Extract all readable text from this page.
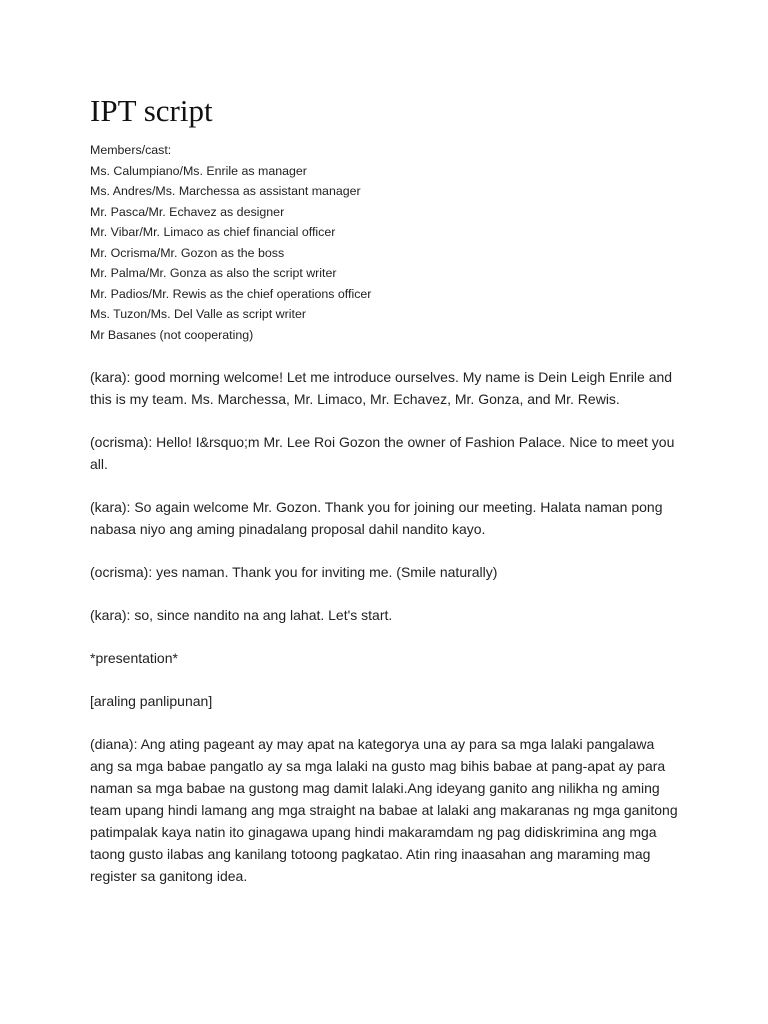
IPT script
Members/cast:
Ms. Calumpiano/Ms. Enrile as manager
Ms. Andres/Ms. Marchessa as assistant manager
Mr. Pasca/Mr. Echavez as designer
Mr. Vibar/Mr. Limaco as chief financial officer
Mr. Ocrisma/Mr. Gozon as the boss
Mr. Palma/Mr. Gonza as also the script writer
Mr. Padios/Mr. Rewis as the chief operations officer
Ms. Tuzon/Ms. Del Valle as script writer
Mr Basanes (not cooperating)

(kara): good morning welcome! Let me introduce ourselves. My name is Dein Leigh Enrile and this is my team. Ms. Marchessa, Mr. Limaco, Mr. Echavez, Mr. Gonza, and Mr. Rewis.

(ocrisma): Hello! I&rsquo;m Mr. Lee Roi Gozon the owner of Fashion Palace. Nice to meet you all.

(kara): So again welcome Mr. Gozon. Thank you for joining our meeting. Halata naman pong nabasa niyo ang aming pinadalang proposal dahil nandito kayo.

(ocrisma): yes naman. Thank you for inviting me. (Smile naturally)

(kara): so, since nandito na ang lahat. Let's start.

*presentation*

[araling panlipunan]

(diana): Ang ating pageant ay may apat na kategorya una ay para sa mga lalaki pangalawa ang sa mga babae pangatlo ay sa mga lalaki na gusto mag bihis babae at pang-apat ay para naman sa mga babae na gustong mag damit lalaki.Ang ideyang ganito ang nilikha ng aming team upang hindi lamang ang mga straight na babae at lalaki ang makaranas ng mga ganitong patimpalak kaya natin ito ginagawa upang hindi makaramdam ng pag didiskrimina ang mga taong gusto ilabas ang kanilang totoong pagkatao. Atin ring inaasahan ang maraming mag register sa ganitong idea.
